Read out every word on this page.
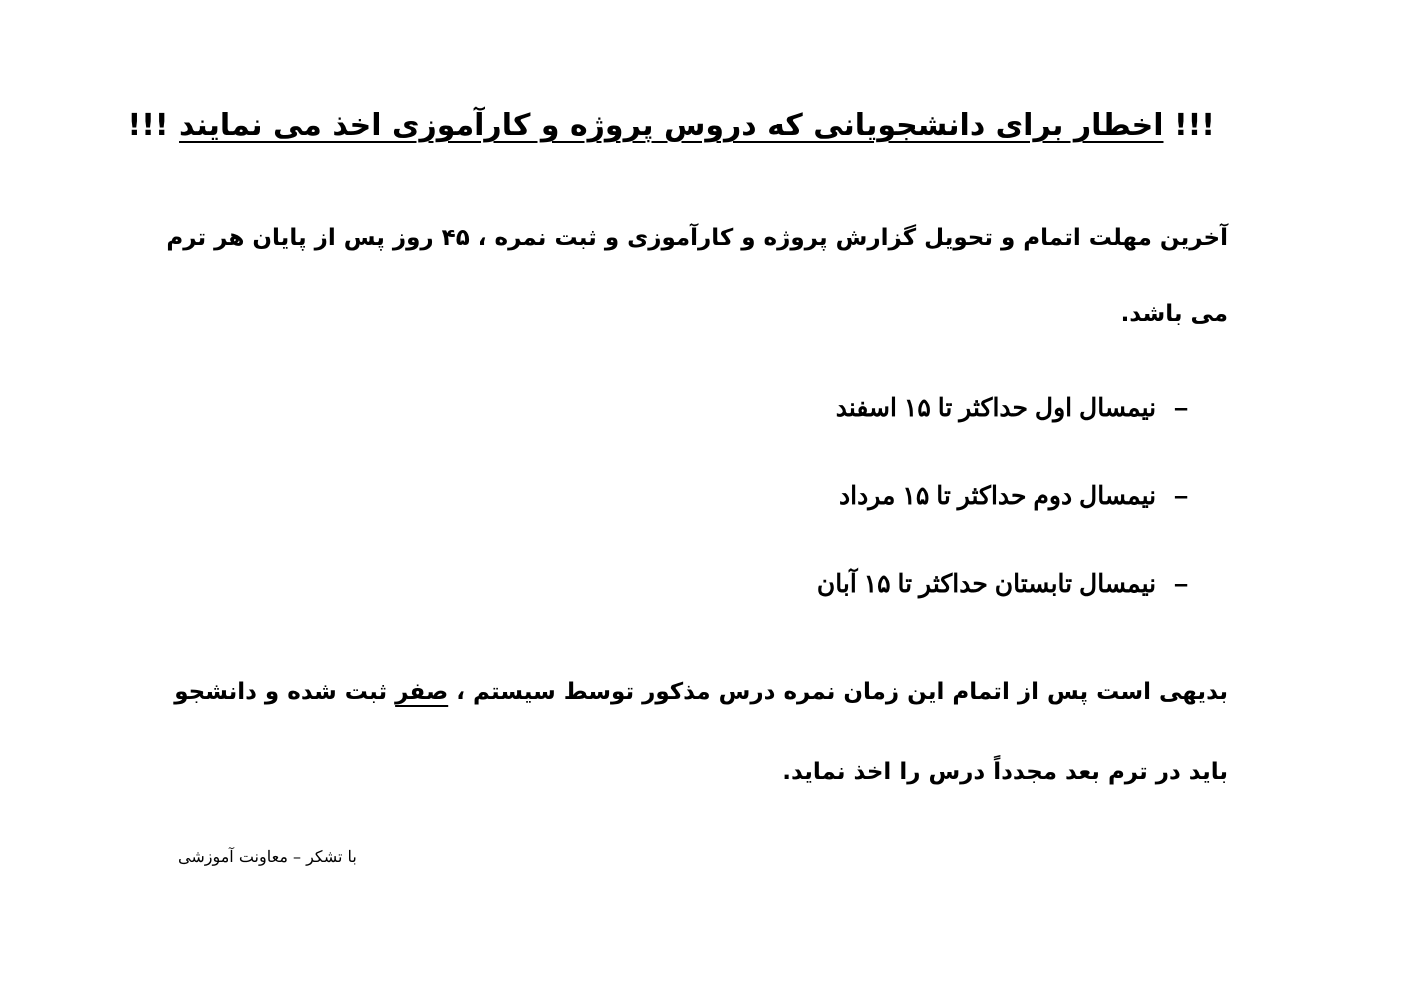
!!! اخطار برای دانشجویانی که دروس پروژه و کارآموزی اخذ می نمایند !!!
آخرین مهلت اتمام و تحویل گزارش پروژه و کارآموزی و ثبت نمره ، ۴۵ روز پس از پایان هر ترم
می باشد.
–نیمسال اول حداکثر تا ۱۵ اسفند
–نیمسال دوم حداکثر تا ۱۵ مرداد
–نیمسال تابستان حداکثر تا ۱۵ آبان
بدیهی است پس از اتمام این زمان نمره درس مذکور توسط سیستم ، صفر ثبت شده و دانشجو
باید در ترم بعد مجدداً درس را اخذ نماید.
با تشکر – معاونت آموزشی
